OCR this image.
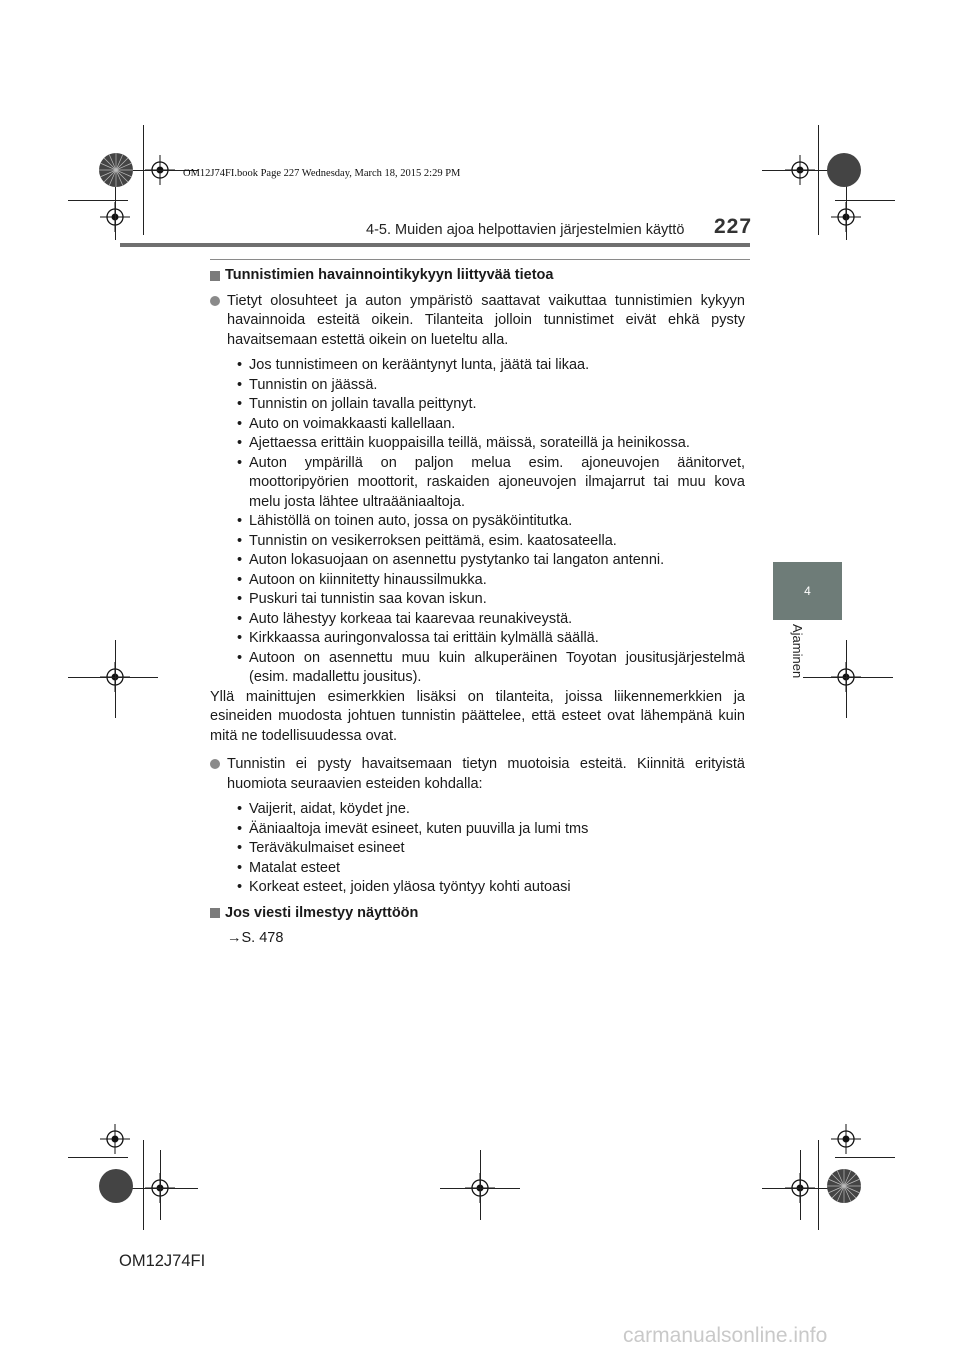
OM12J74FI.book Page 227 Wednesday, March 18, 2015 2:29 PM
4-5. Muiden ajoa helpottavien järjestelmien käyttö 227
4
Ajaminen
Tunnistimien havainnointikykyyn liittyvää tietoa
Tietyt olosuhteet ja auton ympäristö saattavat vaikuttaa tunnistimien kykyyn havainnoida esteitä oikein. Tilanteita jolloin tunnistimet eivät ehkä pysty havaitsemaan estettä oikein on lueteltu alla.
• Jos tunnistimeen on kerääntynyt lunta, jäätä tai likaa.
• Tunnistin on jäässä.
• Tunnistin on jollain tavalla peittynyt.
• Auto on voimakkaasti kallellaan.
• Ajettaessa erittäin kuoppaisilla teillä, mäissä, sorateillä ja heinikossa.
• Auton ympärillä on paljon melua esim. ajoneuvojen äänitorvet, moottoripyörien moottorit, raskaiden ajoneuvojen ilmajarrut tai muu kova melu josta lähtee ultraääniaaltoja.
• Lähistöllä on toinen auto, jossa on pysäköintitutka.
• Tunnistin on vesikerroksen peittämä, esim. kaatosateella.
• Auton lokasuojaan on asennettu pystytanko tai langaton antenni.
• Autoon on kiinnitetty hinaussilmukka.
• Puskuri tai tunnistin saa kovan iskun.
• Auto lähestyy korkeaa tai kaarevaa reunakiveystä.
• Kirkkaassa auringonvalossa tai erittäin kylmällä säällä.
• Autoon on asennettu muu kuin alkuperäinen Toyotan jousitusjärjestelmä (esim. madallettu jousitus).
Yllä mainittujen esimerkkien lisäksi on tilanteita, joissa liikennemerkkien ja esineiden muodosta johtuen tunnistin päättelee, että esteet ovat lähempänä kuin mitä ne todellisuudessa ovat.
Tunnistin ei pysty havaitsemaan tietyn muotoisia esteitä. Kiinnitä erityistä huomiota seuraavien esteiden kohdalla:
• Vaijerit, aidat, köydet jne.
• Ääniaaltoja imevät esineet, kuten puuvilla ja lumi tms
• Teräväkulmaiset esineet
• Matalat esteet
• Korkeat esteet, joiden yläosa työntyy kohti autoasi
Jos viesti ilmestyy näyttöön
→S. 478
OM12J74FI
carmanualsonline.info
